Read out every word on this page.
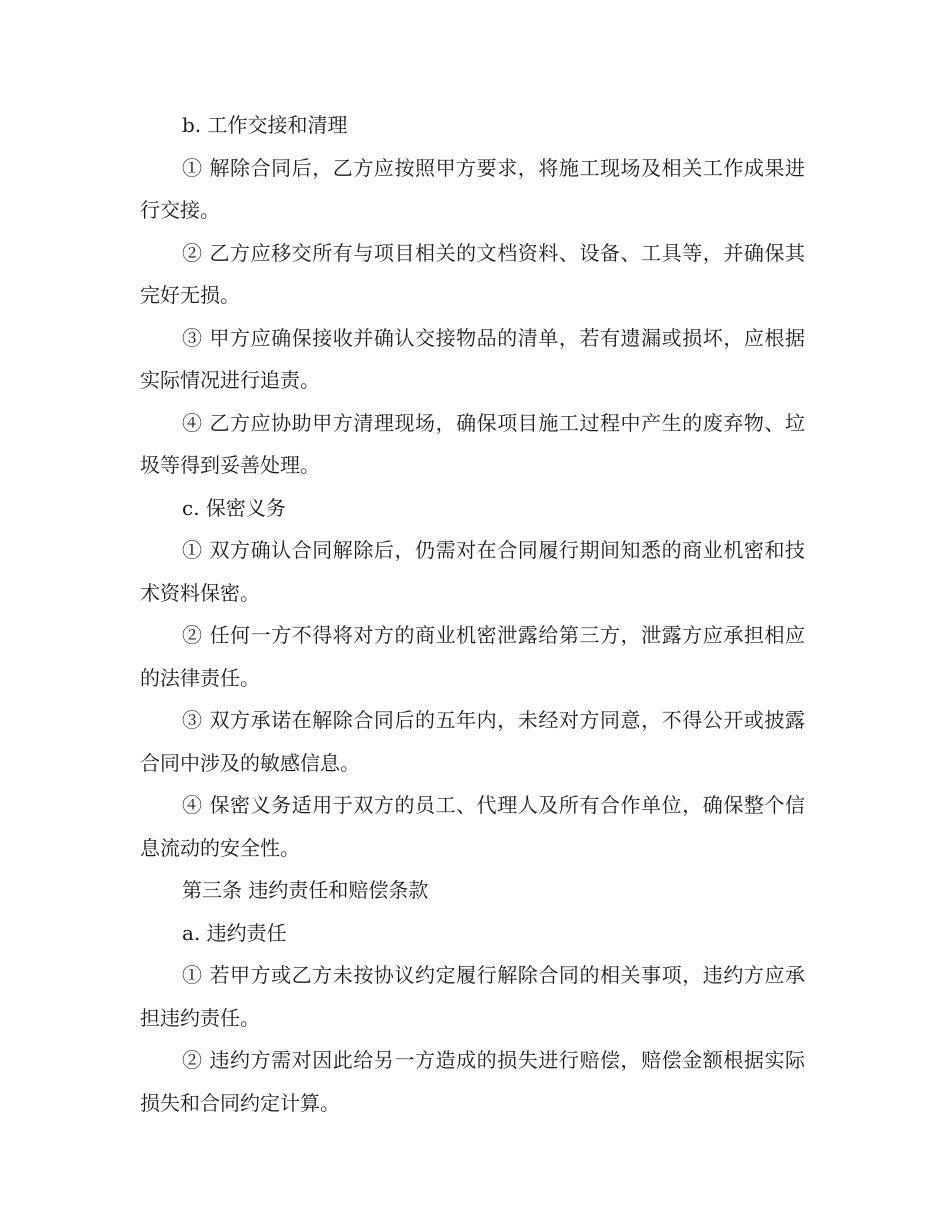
b. 工作交接和清理

① 解除合同后，乙方应按照甲方要求，将施工现场及相关工作成果进行交接。

② 乙方应移交所有与项目相关的文档资料、设备、工具等，并确保其完好无损。

③ 甲方应确保接收并确认交接物品的清单，若有遗漏或损坏，应根据实际情况进行追责。

④ 乙方应协助甲方清理现场，确保项目施工过程中产生的废弃物、垃圾等得到妥善处理。

c. 保密义务

① 双方确认合同解除后，仍需对在合同履行期间知悉的商业机密和技术资料保密。

② 任何一方不得将对方的商业机密泄露给第三方，泄露方应承担相应的法律责任。

③ 双方承诺在解除合同后的五年内，未经对方同意，不得公开或披露合同中涉及的敏感信息。

④ 保密义务适用于双方的员工、代理人及所有合作单位，确保整个信息流动的安全性。

第三条 违约责任和赔偿条款

a. 违约责任

① 若甲方或乙方未按协议约定履行解除合同的相关事项，违约方应承担违约责任。

② 违约方需对因此给另一方造成的损失进行赔偿，赔偿金额根据实际损失和合同约定计算。
